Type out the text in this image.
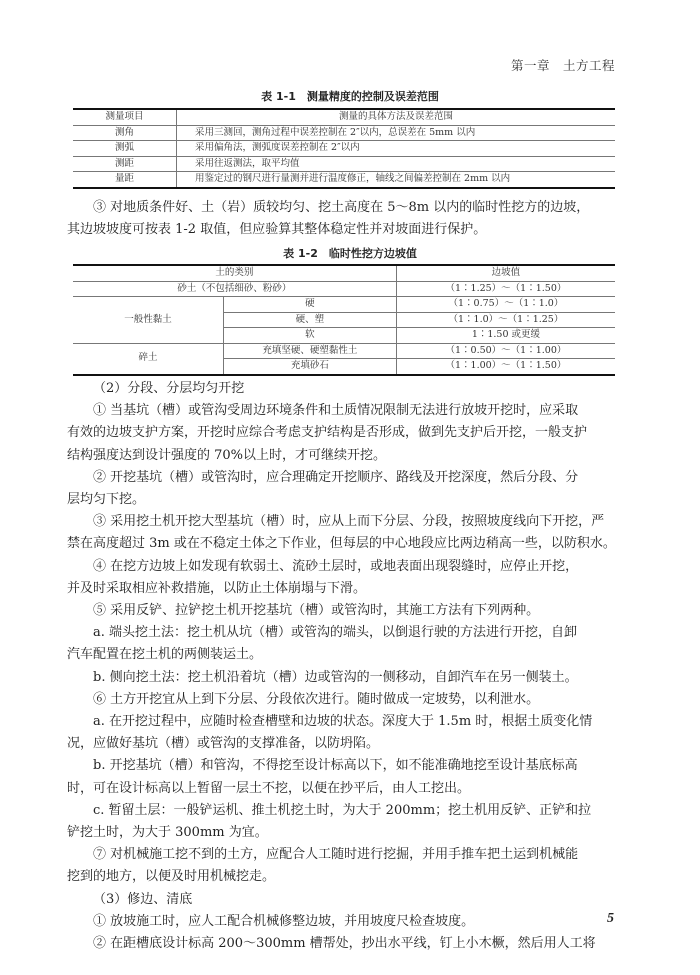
第一章　土方工程
表 1-1　测量精度的控制及误差范围
测量项目	测量的具体方法及误差范围
测角	采用三测回，测角过程中误差控制在 2″以内，总误差在 5mm 以内
测弧	采用偏角法，测弧度误差控制在 2″以内
测距	采用往返测法，取平均值
量距	用鉴定过的钢尺进行量测并进行温度修正，轴线之间偏差控制在 2mm 以内

③ 对地质条件好、土（岩）质较均匀、挖土高度在 5～8m 以内的临时性挖方的边坡，

其边坡坡度可按表 1-2 取值，但应验算其整体稳定性并对坡面进行保护。

表 1-2　临时性挖方边坡值
土的类别		边坡值
砂土（不包括细砂、粉砂）		（1∶1.25）～（1∶1.50）
一般性黏土	硬	（1∶0.75）～（1∶1.0）
	硬、塑	（1∶1.0）～（1∶1.25）
	软	1∶1.50 或更缓
碎土	充填坚硬、硬塑黏性土	（1∶0.50）～（1∶1.00）
	充填砂石	（1∶1.00）～（1∶1.50）

（2）分段、分层均匀开挖

① 当基坑（槽）或管沟受周边环境条件和土质情况限制无法进行放坡开挖时，应采取

有效的边坡支护方案，开挖时应综合考虑支护结构是否形成，做到先支护后开挖，一般支护

结构强度达到设计强度的 70%以上时，才可继续开挖。

② 开挖基坑（槽）或管沟时，应合理确定开挖顺序、路线及开挖深度，然后分段、分

层均匀下挖。

③ 采用挖土机开挖大型基坑（槽）时，应从上而下分层、分段，按照坡度线向下开挖，严

禁在高度超过 3m 或在不稳定土体之下作业，但每层的中心地段应比两边稍高一些，以防积水。

④ 在挖方边坡上如发现有软弱土、流砂土层时，或地表面出现裂缝时，应停止开挖，

并及时采取相应补救措施，以防止土体崩塌与下滑。

⑤ 采用反铲、拉铲挖土机开挖基坑（槽）或管沟时，其施工方法有下列两种。

a. 端头挖土法：挖土机从坑（槽）或管沟的端头，以倒退行驶的方法进行开挖，自卸

汽车配置在挖土机的两侧装运土。

b. 侧向挖土法：挖土机沿着坑（槽）边或管沟的一侧移动，自卸汽车在另一侧装土。

⑥ 土方开挖宜从上到下分层、分段依次进行。随时做成一定坡势，以利泄水。

a. 在开挖过程中，应随时检查槽壁和边坡的状态。深度大于 1.5m 时，根据土质变化情

况，应做好基坑（槽）或管沟的支撑准备，以防坍陷。

b. 开挖基坑（槽）和管沟，不得挖至设计标高以下，如不能准确地挖至设计基底标高

时，可在设计标高以上暂留一层土不挖，以便在抄平后，由人工挖出。

c. 暂留土层：一般铲运机、推土机挖土时，为大于 200mm；挖土机用反铲、正铲和拉

铲挖土时，为大于 300mm 为宜。

⑦ 对机械施工挖不到的土方，应配合人工随时进行挖掘，并用手推车把土运到机械能

挖到的地方，以便及时用机械挖走。

（3）修边、清底

① 放坡施工时，应人工配合机械修整边坡，并用坡度尺检查坡度。

② 在距槽底设计标高 200～300mm 槽帮处，抄出水平线，钉上小木橛，然后用人工将

5
